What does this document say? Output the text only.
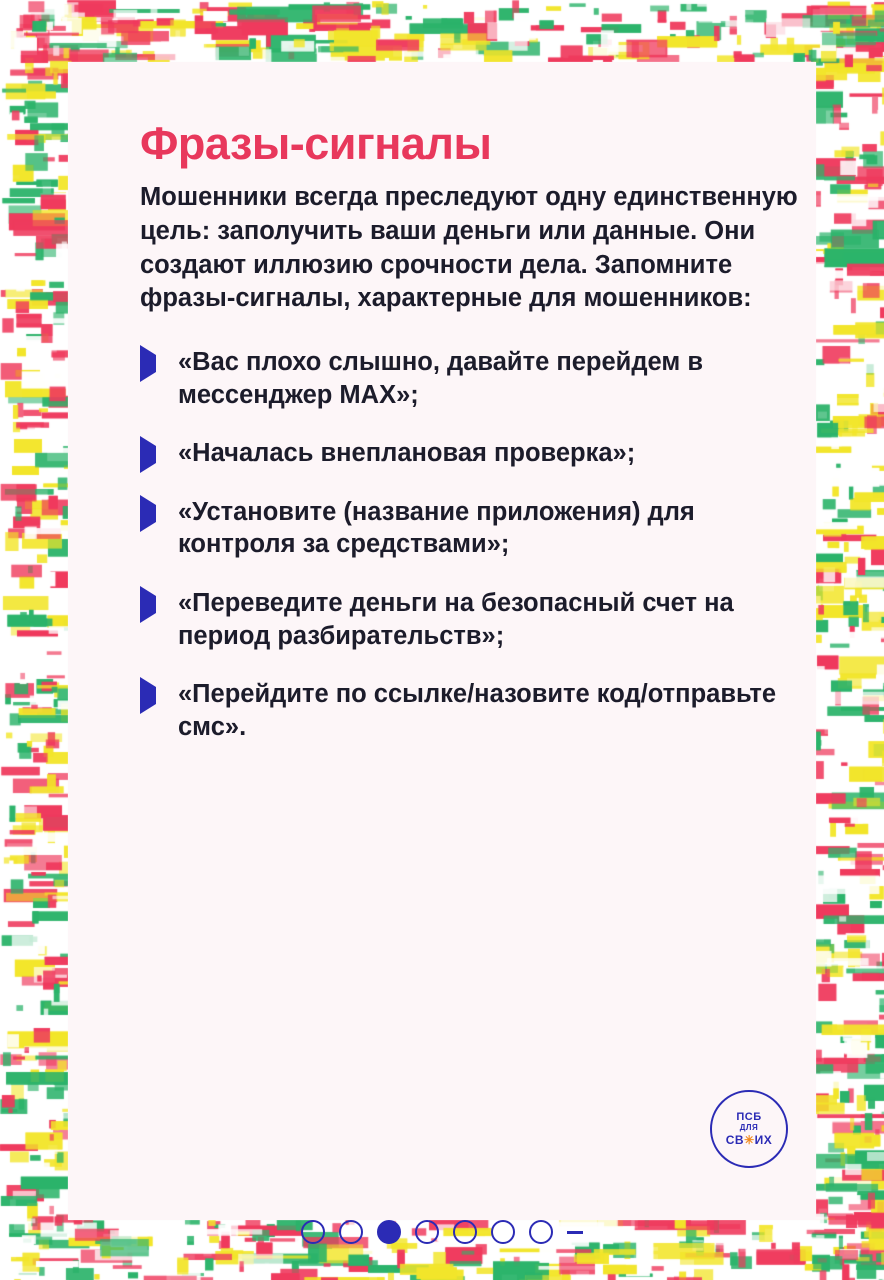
Фразы-сигналы

Мошенники всегда преследуют одну единственную цель: заполучить ваши деньги или данные. Они создают иллюзию срочности дела. Запомните фразы-сигналы, характерные для мошенников:

«Вас плохо слышно, давайте перейдем в мессенджер MAX»;
«Началась внеплановая проверка»;
«Установите (название приложения) для контроля за средствами»;
«Переведите деньги на безопасный счет на период разбирательств»;
«Перейдите по ссылке/назовите код/отправьте смс».
ПСБ
ДЛЯ
СВ✳ИХ
